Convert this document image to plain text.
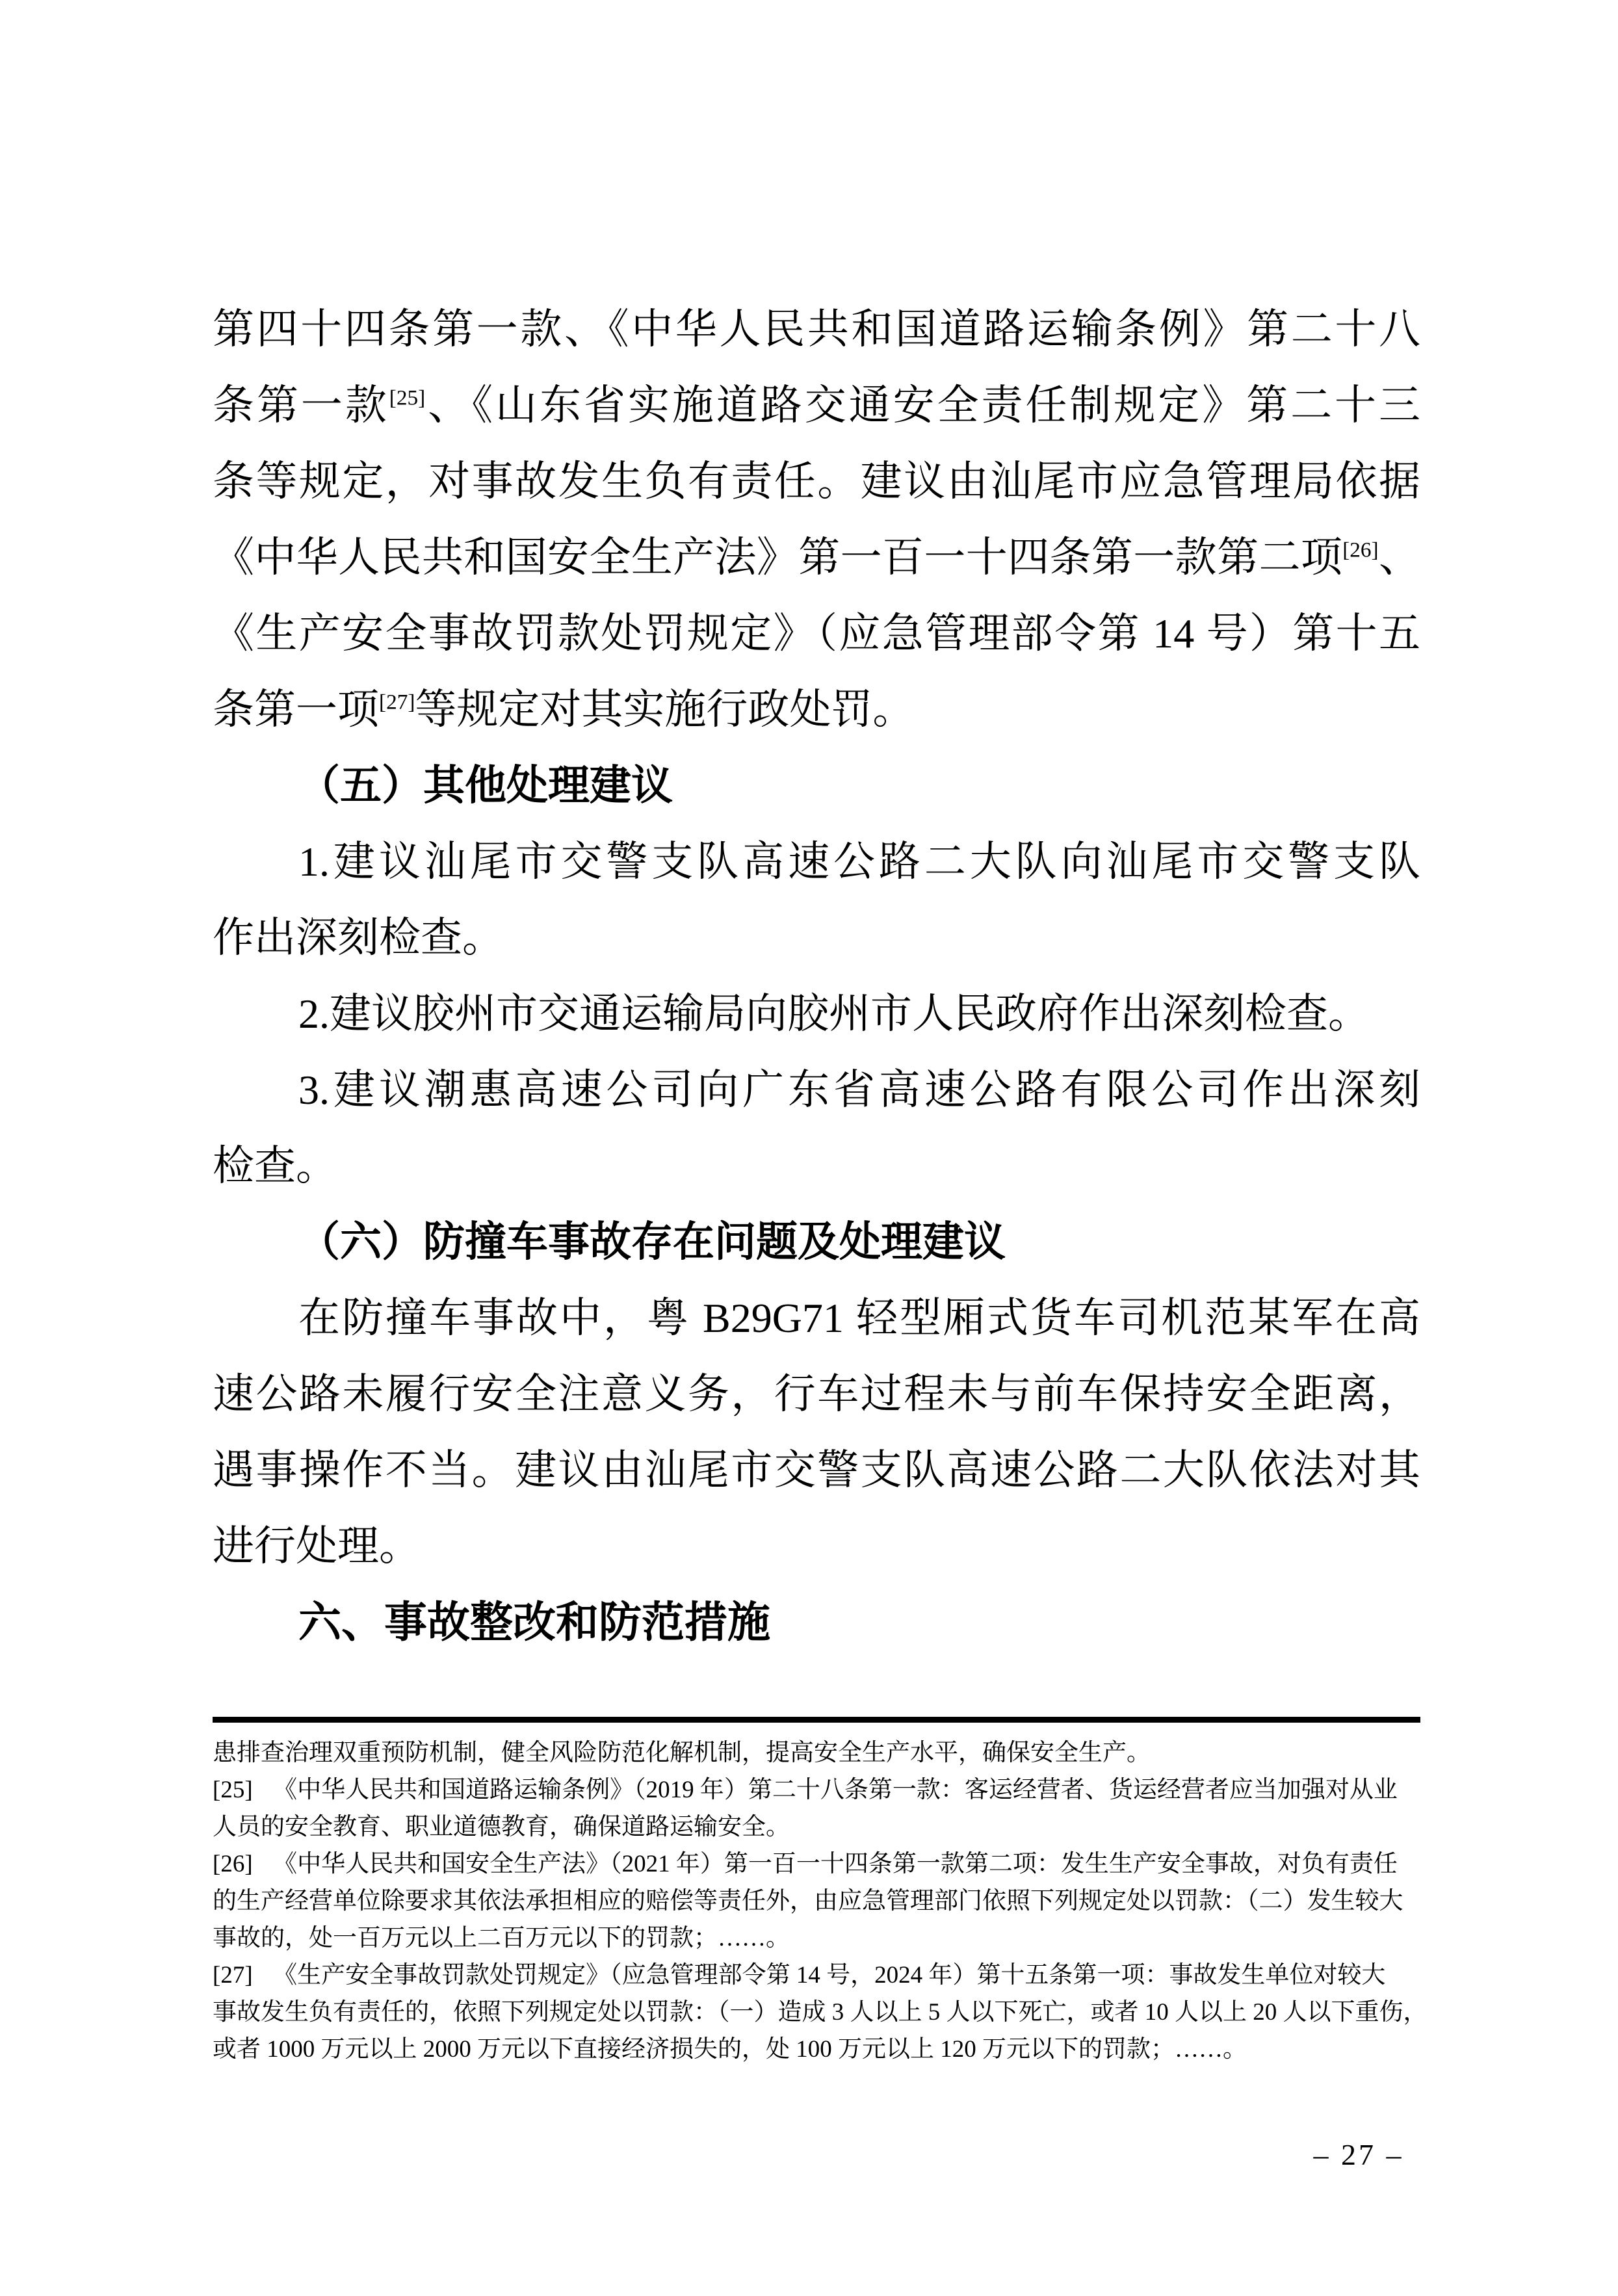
第四十四条第一款、《中华人民共和国道路运输条例》第二十八
条第一款[25]、《山东省实施道路交通安全责任制规定》第二十三
条等规定，对事故发生负有责任。建议由汕尾市应急管理局依据
《中华人民共和国安全生产法》第一百一十四条第一款第二项[26]、
《生产安全事故罚款处罚规定》（应急管理部令第 14 号）第十五
条第一项[27]等规定对其实施行政处罚。
（五）其他处理建议
1.建议汕尾市交警支队高速公路二大队向汕尾市交警支队
作出深刻检查。
2.建议胶州市交通运输局向胶州市人民政府作出深刻检查。
3.建议潮惠高速公司向广东省高速公路有限公司作出深刻
检查。
（六）防撞车事故存在问题及处理建议
在防撞车事故中，粤 B29G71 轻型厢式货车司机范某军在高
速公路未履行安全注意义务，行车过程未与前车保持安全距离，
遇事操作不当。建议由汕尾市交警支队高速公路二大队依法对其
进行处理。
六、事故整改和防范措施
患排查治理双重预防机制，健全风险防范化解机制，提高安全生产水平，确保安全生产。
[25] 《中华人民共和国道路运输条例》（2019 年）第二十八条第一款：客运经营者、货运经营者应当加强对从业
人员的安全教育、职业道德教育，确保道路运输安全。
[26] 《中华人民共和国安全生产法》（2021 年）第一百一十四条第一款第二项：发生生产安全事故，对负有责任
的生产经营单位除要求其依法承担相应的赔偿等责任外，由应急管理部门依照下列规定处以罚款：（二）发生较大
事故的，处一百万元以上二百万元以下的罚款；……。
[27] 《生产安全事故罚款处罚规定》（应急管理部令第 14 号，2024 年）第十五条第一项：事故发生单位对较大
事故发生负有责任的，依照下列规定处以罚款：（一）造成 3 人以上 5 人以下死亡，或者 10 人以上 20 人以下重伤，
或者 1000 万元以上 2000 万元以下直接经济损失的，处 100 万元以上 120 万元以下的罚款；……。
– 27 –
